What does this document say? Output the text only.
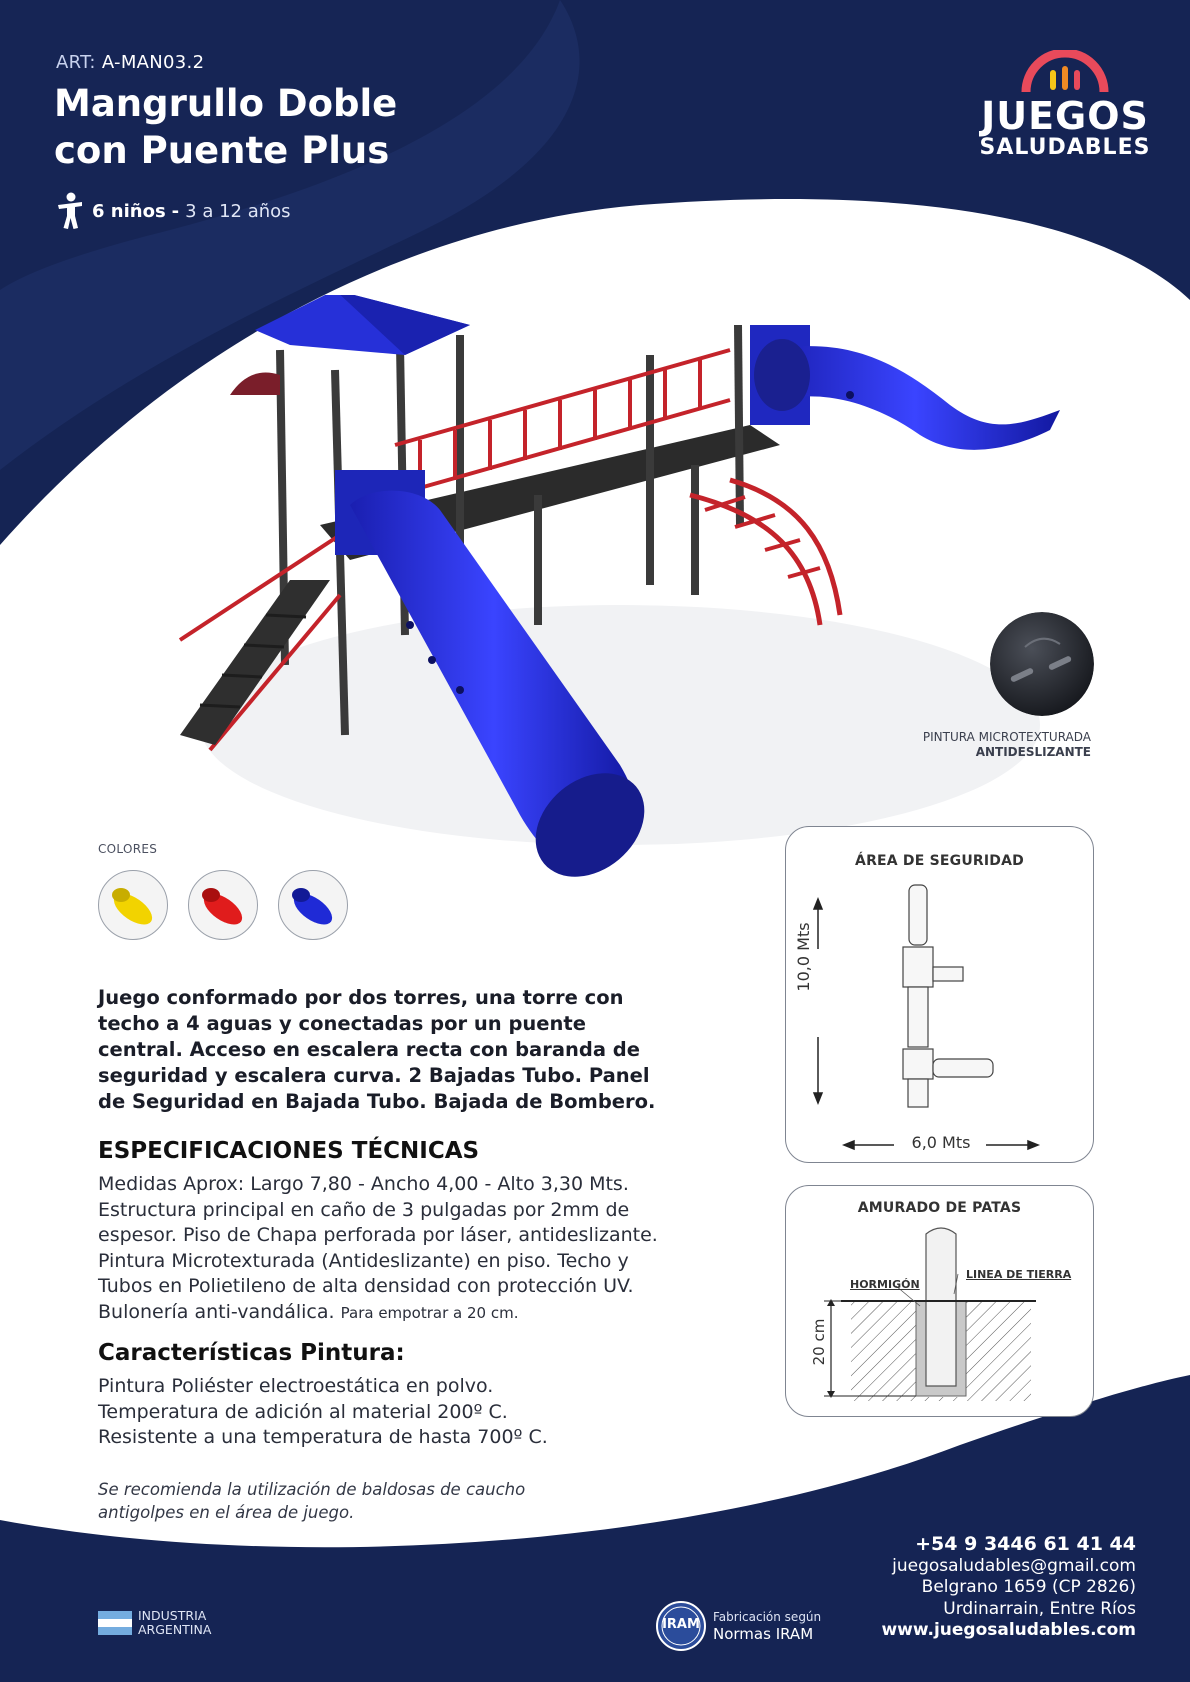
ART: A-MAN03.2
Mangrullo Doble
con Puente Plus
6 niños - 3 a 12 años
JUEGOS
SALUDABLES
PINTURA MICROTEXTURADA
ANTIDESLIZANTE
COLORES
Juego conformado por dos torres, una torre con techo a 4 aguas y conectadas por un puente central. Acceso en escalera recta con baranda de seguridad y escalera curva. 2 Bajadas Tubo. Panel de Seguridad en Bajada Tubo. Bajada de Bombero.
ESPECIFICACIONES TÉCNICAS
Medidas Aprox: Largo 7,80 - Ancho 4,00 - Alto 3,30 Mts. Estructura principal en caño de 3 pulgadas por 2mm de espesor. Piso de Chapa perforada por láser, antideslizante. Pintura Microtexturada (Antideslizante) en piso. Techo y Tubos en Polietileno de alta densidad con protección UV. Bulonería anti-vandálica. Para empotrar a 20 cm.
Características Pintura:
Pintura Poliéster electroestática en polvo.
Temperatura de adición al material 200º C.
Resistente a una temperatura de hasta 700º C.
Se recomienda la utilización de baldosas de caucho antigolpes en el área de juego.
ÁREA DE SEGURIDAD
10,0 Mts
6,0 Mts
AMURADO DE PATAS
HORMIGÓN
LINEA DE TIERRA
20 cm
+54 9 3446 61 41 44
juegosaludables@gmail.com
Belgrano 1659 (CP 2826)
Urdinarrain, Entre Ríos
www.juegosaludables.com
INDUSTRIA
ARGENTINA	IRAM	Fabricación según
Normas IRAM
